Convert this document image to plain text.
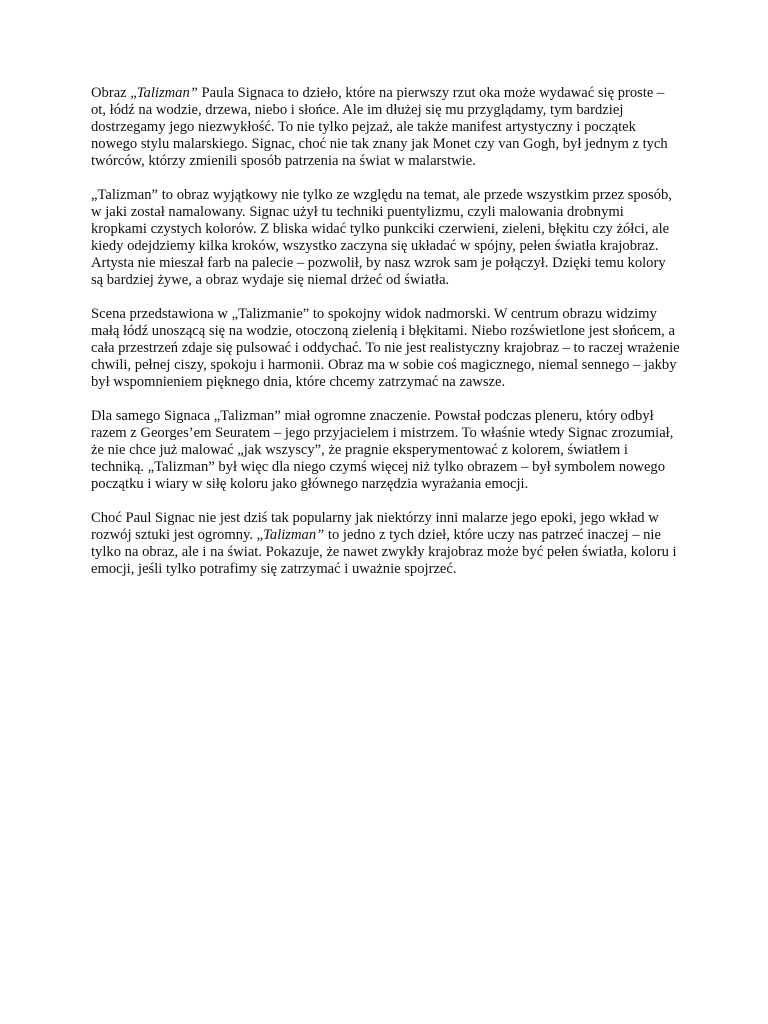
Obraz „Talizman” Paula Signaca to dzieło, które na pierwszy rzut oka może wydawać się proste – ot, łódź na wodzie, drzewa, niebo i słońce. Ale im dłużej się mu przyglądamy, tym bardziej dostrzegamy jego niezwykłość. To nie tylko pejzaż, ale także manifest artystyczny i początek nowego stylu malarskiego. Signac, choć nie tak znany jak Monet czy van Gogh, był jednym z tych twórców, którzy zmienili sposób patrzenia na świat w malarstwie.

„Talizman” to obraz wyjątkowy nie tylko ze względu na temat, ale przede wszystkim przez sposób, w jaki został namalowany. Signac użył tu techniki puentylizmu, czyli malowania drobnymi kropkami czystych kolorów. Z bliska widać tylko punkciki czerwieni, zieleni, błękitu czy żółci, ale kiedy odejdziemy kilka kroków, wszystko zaczyna się układać w spójny, pełen światła krajobraz. Artysta nie mieszał farb na palecie – pozwolił, by nasz wzrok sam je połączył. Dzięki temu kolory są bardziej żywe, a obraz wydaje się niemal drżeć od światła.

Scena przedstawiona w „Talizmanie” to spokojny widok nadmorski. W centrum obrazu widzimy małą łódź unoszącą się na wodzie, otoczoną zielenią i błękitami. Niebo rozświetlone jest słońcem, a cała przestrzeń zdaje się pulsować i oddychać. To nie jest realistyczny krajobraz – to raczej wrażenie chwili, pełnej ciszy, spokoju i harmonii. Obraz ma w sobie coś magicznego, niemal sennego – jakby był wspomnieniem pięknego dnia, które chcemy zatrzymać na zawsze.

Dla samego Signaca „Talizman” miał ogromne znaczenie. Powstał podczas pleneru, który odbył razem z Georges’em Seuratem – jego przyjacielem i mistrzem. To właśnie wtedy Signac zrozumiał, że nie chce już malować „jak wszyscy”, że pragnie eksperymentować z kolorem, światłem i techniką. „Talizman” był więc dla niego czymś więcej niż tylko obrazem – był symbolem nowego początku i wiary w siłę koloru jako głównego narzędzia wyrażania emocji.

Choć Paul Signac nie jest dziś tak popularny jak niektórzy inni malarze jego epoki, jego wkład w rozwój sztuki jest ogromny. „Talizman” to jedno z tych dzieł, które uczy nas patrzeć inaczej – nie tylko na obraz, ale i na świat. Pokazuje, że nawet zwykły krajobraz może być pełen światła, koloru i emocji, jeśli tylko potrafimy się zatrzymać i uważnie spojrzeć.
